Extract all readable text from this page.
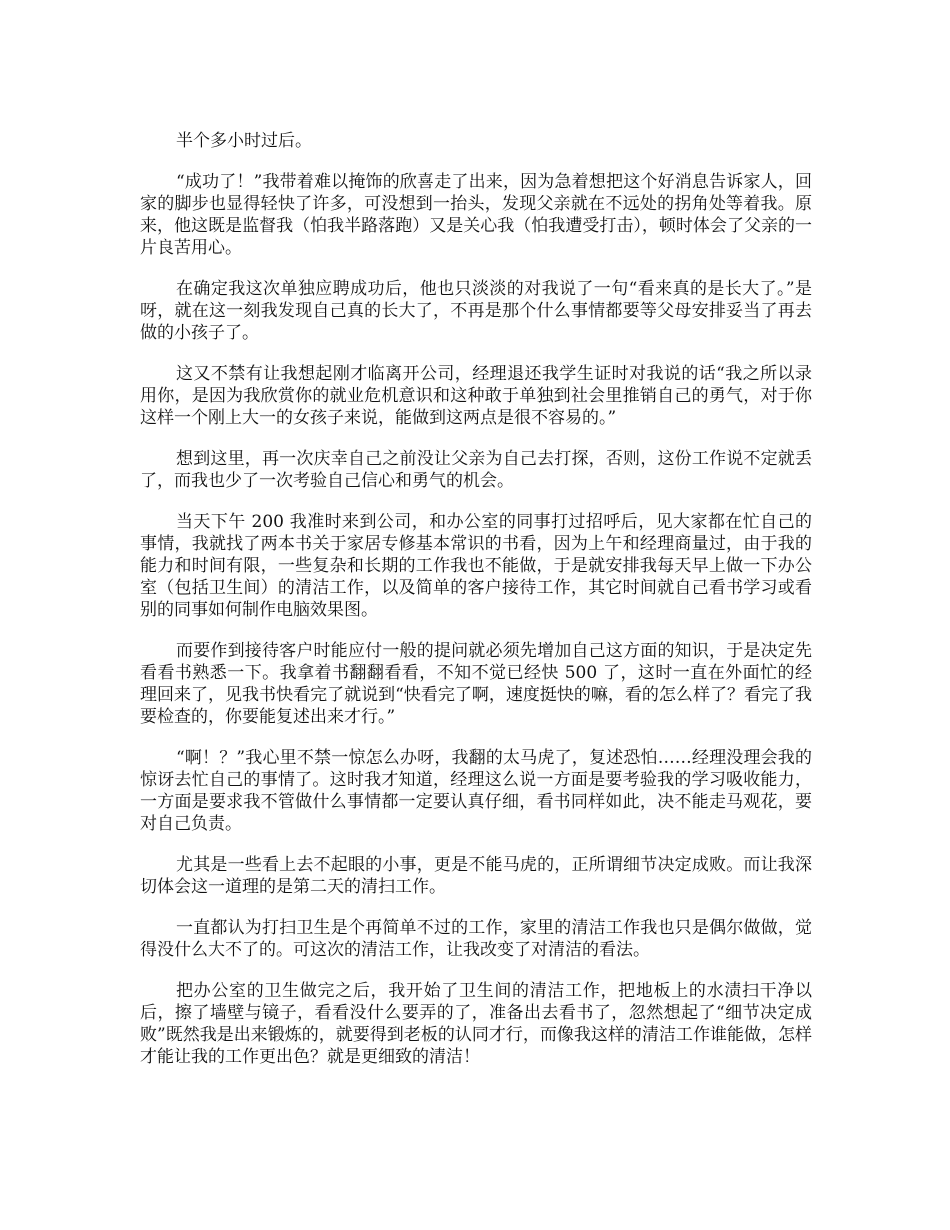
半个多小时过后。

“成功了！”我带着难以掩饰的欣喜走了出来，因为急着想把这个好消息告诉家人，回家的脚步也显得轻快了许多，可没想到一抬头，发现父亲就在不远处的拐角处等着我。原来，他这既是监督我（怕我半路落跑）又是关心我（怕我遭受打击），顿时体会了父亲的一片良苦用心。

在确定我这次单独应聘成功后，他也只淡淡的对我说了一句“看来真的是长大了。”是呀，就在这一刻我发现自己真的长大了，不再是那个什么事情都要等父母安排妥当了再去做的小孩子了。

这又不禁有让我想起刚才临离开公司，经理退还我学生证时对我说的话“我之所以录用你，是因为我欣赏你的就业危机意识和这种敢于单独到社会里推销自己的勇气，对于你这样一个刚上大一的女孩子来说，能做到这两点是很不容易的。”

想到这里，再一次庆幸自己之前没让父亲为自己去打探，否则，这份工作说不定就丢了，而我也少了一次考验自己信心和勇气的机会。

当天下午 200 我准时来到公司，和办公室的同事打过招呼后，见大家都在忙自己的事情，我就找了两本书关于家居专修基本常识的书看，因为上午和经理商量过，由于我的能力和时间有限，一些复杂和长期的工作我也不能做，于是就安排我每天早上做一下办公室（包括卫生间）的清洁工作，以及简单的客户接待工作，其它时间就自己看书学习或看别的同事如何制作电脑效果图。

而要作到接待客户时能应付一般的提问就必须先增加自己这方面的知识，于是决定先看看书熟悉一下。我拿着书翻翻看看，不知不觉已经快 500 了，这时一直在外面忙的经理回来了，见我书快看完了就说到“快看完了啊，速度挺快的嘛，看的怎么样了？看完了我要检查的，你要能复述出来才行。”

“啊！？”我心里不禁一惊怎么办呀，我翻的太马虎了，复述恐怕……经理没理会我的惊讶去忙自己的事情了。这时我才知道，经理这么说一方面是要考验我的学习吸收能力，一方面是要求我不管做什么事情都一定要认真仔细，看书同样如此，决不能走马观花，要对自己负责。

尤其是一些看上去不起眼的小事，更是不能马虎的，正所谓细节决定成败。而让我深切体会这一道理的是第二天的清扫工作。

一直都认为打扫卫生是个再简单不过的工作，家里的清洁工作我也只是偶尔做做，觉得没什么大不了的。可这次的清洁工作，让我改变了对清洁的看法。

把办公室的卫生做完之后，我开始了卫生间的清洁工作，把地板上的水渍扫干净以后，擦了墙壁与镜子，看看没什么要弄的了，准备出去看书了，忽然想起了“细节决定成败”既然我是出来锻炼的，就要得到老板的认同才行，而像我这样的清洁工作谁能做，怎样才能让我的工作更出色？就是更细致的清洁！
